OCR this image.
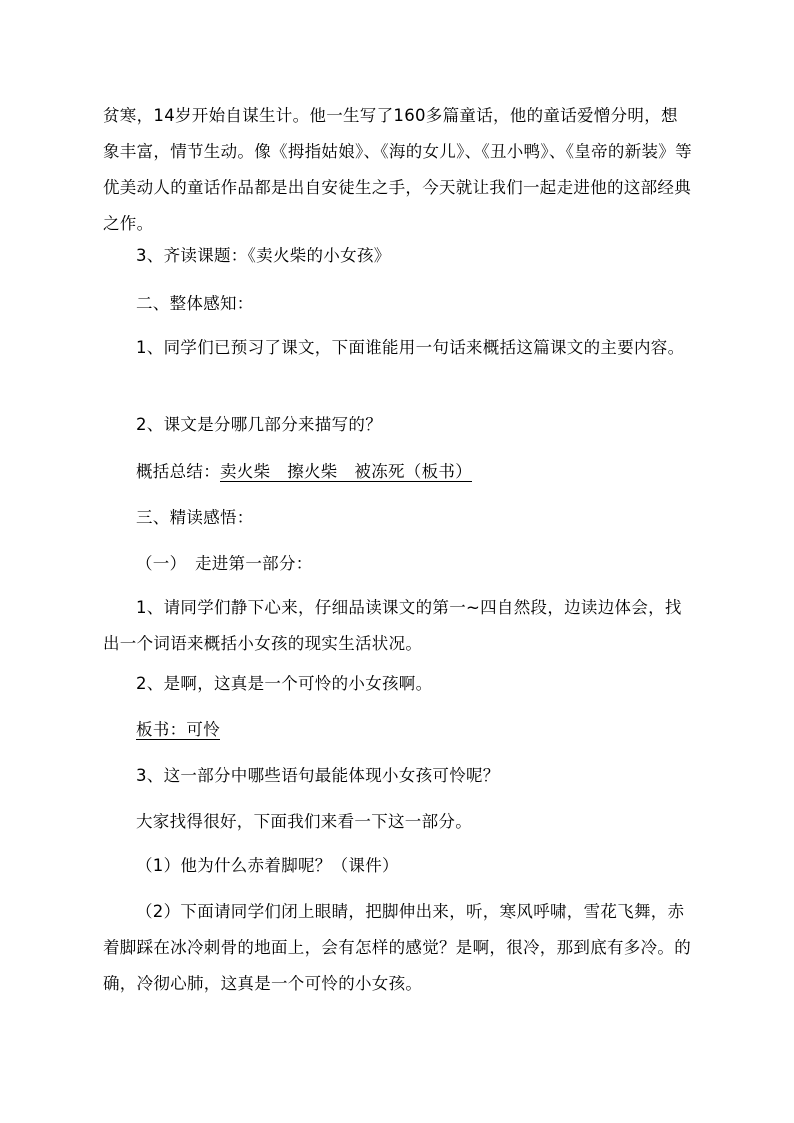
贫寒，14岁开始自谋生计。他一生写了160多篇童话，他的童话爱憎分明，想象丰富，情节生动。像《拇指姑娘》、《海的女儿》、《丑小鸭》、《皇帝的新装》等优美动人的童话作品都是出自安徒生之手，今天就让我们一起走进他的这部经典之作。

3、齐读课题：《卖火柴的小女孩》

二、整体感知：

1、同学们已预习了课文，下面谁能用一句话来概括这篇课文的主要内容。

2、课文是分哪几部分来描写的？

概括总结：卖火柴　擦火柴　被冻死（板书）

三、精读感悟：

（一）　走进第一部分：

1、请同学们静下心来，仔细品读课文的第一~四自然段，边读边体会，找出一个词语来概括小女孩的现实生活状况。

2、是啊，这真是一个可怜的小女孩啊。

板书：可怜

3、这一部分中哪些语句最能体现小女孩可怜呢？

大家找得很好，下面我们来看一下这一部分。

（1）他为什么赤着脚呢？（课件）

（2）下面请同学们闭上眼睛，把脚伸出来，听，寒风呼啸，雪花飞舞，赤着脚踩在冰冷刺骨的地面上，会有怎样的感觉？是啊，很冷，那到底有多冷。的确，冷彻心肺，这真是一个可怜的小女孩。
